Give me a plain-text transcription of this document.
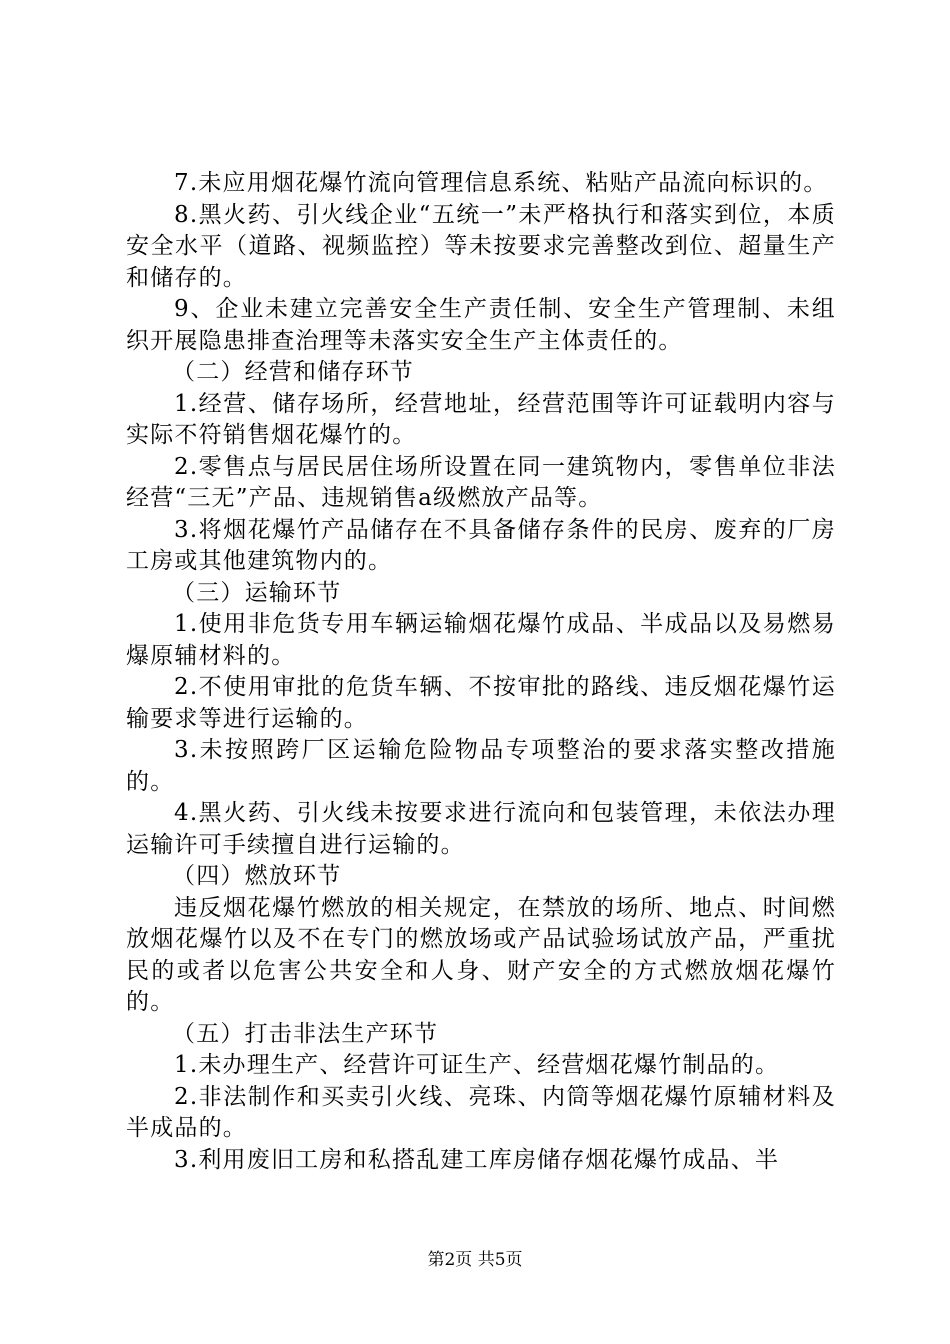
7.未应用烟花爆竹流向管理信息系统、粘贴产品流向标识的。

8.黑火药、引火线企业“五统一”未严格执行和落实到位，本质安全水平（道路、视频监控）等未按要求完善整改到位、超量生产和储存的。

9、企业未建立完善安全生产责任制、安全生产管理制、未组织开展隐患排查治理等未落实安全生产主体责任的。

（二）经营和储存环节

1.经营、储存场所，经营地址，经营范围等许可证载明内容与实际不符销售烟花爆竹的。

2.零售点与居民居住场所设置在同一建筑物内，零售单位非法经营“三无”产品、违规销售a级燃放产品等。

3.将烟花爆竹产品储存在不具备储存条件的民房、废弃的厂房工房或其他建筑物内的。

（三）运输环节

1.使用非危货专用车辆运输烟花爆竹成品、半成品以及易燃易爆原辅材料的。

2.不使用审批的危货车辆、不按审批的路线、违反烟花爆竹运输要求等进行运输的。

3.未按照跨厂区运输危险物品专项整治的要求落实整改措施的。

4.黑火药、引火线未按要求进行流向和包装管理，未依法办理运输许可手续擅自进行运输的。

（四）燃放环节

违反烟花爆竹燃放的相关规定，在禁放的场所、地点、时间燃放烟花爆竹以及不在专门的燃放场或产品试验场试放产品，严重扰民的或者以危害公共安全和人身、财产安全的方式燃放烟花爆竹的。

（五）打击非法生产环节

1.未办理生产、经营许可证生产、经营烟花爆竹制品的。

2.非法制作和买卖引火线、亮珠、内筒等烟花爆竹原辅材料及半成品的。

3.利用废旧工房和私搭乱建工库房储存烟花爆竹成品、半

第2页 共5页
